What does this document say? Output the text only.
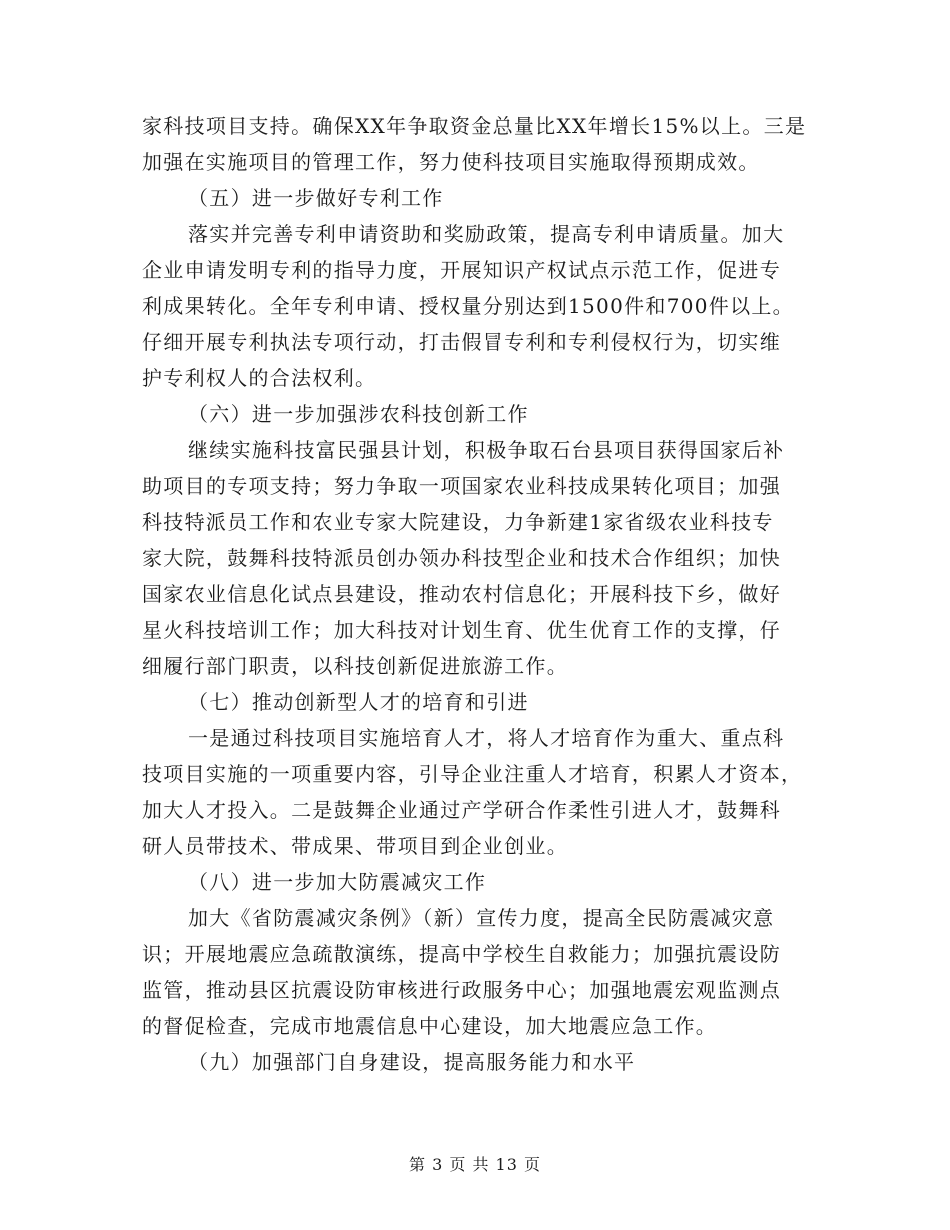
家科技项目支持。确保XX年争取资金总量比XX年增长15%以上。三是
加强在实施项目的管理工作，努力使科技项目实施取得预期成效。
（五）进一步做好专利工作
落实并完善专利申请资助和奖励政策，提高专利申请质量。加大
企业申请发明专利的指导力度，开展知识产权试点示范工作，促进专
利成果转化。全年专利申请、授权量分别达到1500件和700件以上。
仔细开展专利执法专项行动，打击假冒专利和专利侵权行为，切实维
护专利权人的合法权利。
（六）进一步加强涉农科技创新工作
继续实施科技富民强县计划，积极争取石台县项目获得国家后补
助项目的专项支持；努力争取一项国家农业科技成果转化项目；加强
科技特派员工作和农业专家大院建设，力争新建1家省级农业科技专
家大院，鼓舞科技特派员创办领办科技型企业和技术合作组织；加快
国家农业信息化试点县建设，推动农村信息化；开展科技下乡，做好
星火科技培训工作；加大科技对计划生育、优生优育工作的支撑，仔
细履行部门职责，以科技创新促进旅游工作。
（七）推动创新型人才的培育和引进
一是通过科技项目实施培育人才，将人才培育作为重大、重点科
技项目实施的一项重要内容，引导企业注重人才培育，积累人才资本，
加大人才投入。二是鼓舞企业通过产学研合作柔性引进人才，鼓舞科
研人员带技术、带成果、带项目到企业创业。
（八）进一步加大防震减灾工作
加大《省防震减灾条例》（新）宣传力度，提高全民防震减灾意
识；开展地震应急疏散演练，提高中学校生自救能力；加强抗震设防
监管，推动县区抗震设防审核进行政服务中心；加强地震宏观监测点
的督促检查，完成市地震信息中心建设，加大地震应急工作。
（九）加强部门自身建设，提高服务能力和水平
第 3 页 共 13 页
